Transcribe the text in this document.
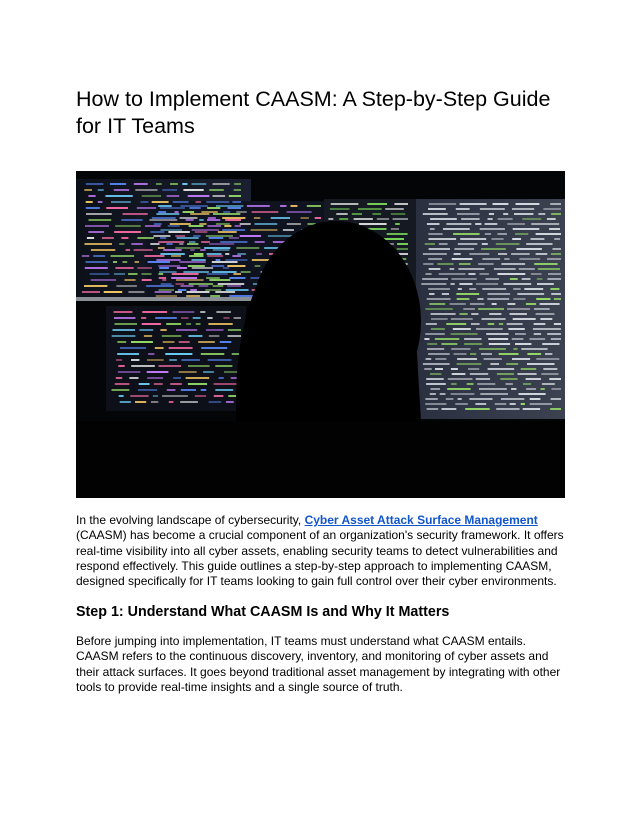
How to Implement CAASM: A Step-by-Step Guide for IT Teams

In the evolving landscape of cybersecurity, Cyber Asset Attack Surface Management (CAASM) has become a crucial component of an organization's security framework. It offers real-time visibility into all cyber assets, enabling security teams to detect vulnerabilities and respond effectively. This guide outlines a step-by-step approach to implementing CAASM, designed specifically for IT teams looking to gain full control over their cyber environments.

Step 1: Understand What CAASM Is and Why It Matters

Before jumping into implementation, IT teams must understand what CAASM entails. CAASM refers to the continuous discovery, inventory, and monitoring of cyber assets and their attack surfaces. It goes beyond traditional asset management by integrating with other tools to provide real-time insights and a single source of truth.
